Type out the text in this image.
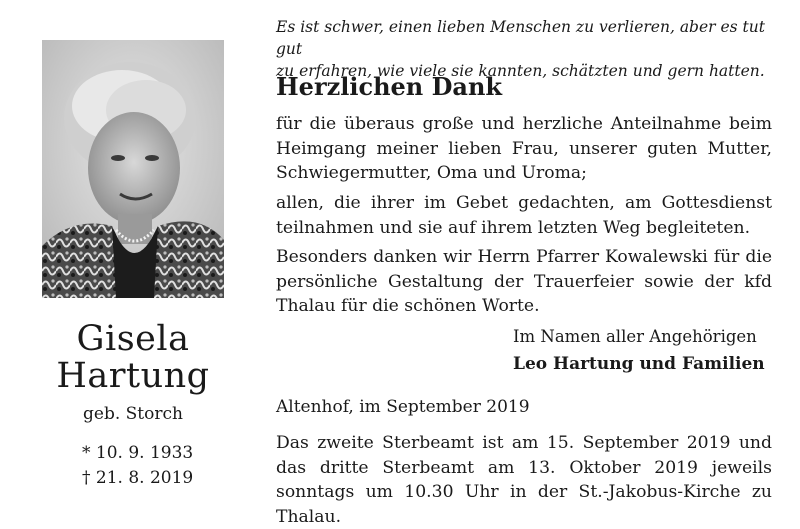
Gisela
Hartung
geb. Storch
* 10. 9. 1933
† 21. 8. 2019
Es ist schwer, einen lieben Menschen zu verlieren, aber es tut gut
zu erfahren, wie viele sie kannten, schätzten und gern hatten.
Herzlichen Dank
für die überaus große und herzliche Anteilnahme beim Heimgang meiner lieben Frau, unserer guten Mutter, Schwiegermutter, Oma und Uroma;
allen, die ihrer im Gebet gedachten, am Gottesdienst teilnahmen und sie auf ihrem letzten Weg begleiteten.
Besonders danken wir Herrn Pfarrer Kowalewski für die persönliche Gestaltung der Trauerfeier sowie der kfd Thalau für die schönen Worte.
Im Namen aller Angehörigen
Leo Hartung und Familien
Altenhof, im September 2019
Das zweite Sterbeamt ist am 15. September 2019 und das dritte Sterbeamt am 13. Oktober 2019 jeweils sonntags um 10.30 Uhr in der St.-Jakobus-Kirche zu Thalau.
